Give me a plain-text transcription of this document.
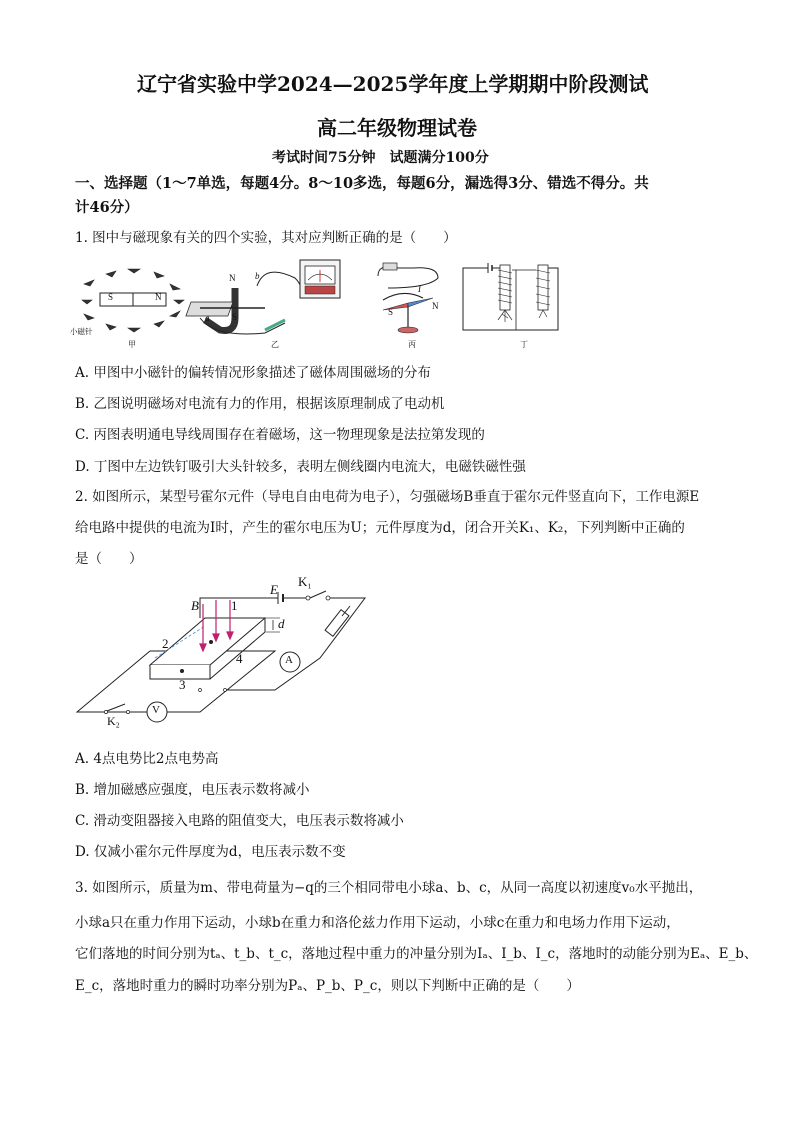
辽宁省实验中学2024—2025学年度上学期期中阶段测试
高二年级物理试卷
考试时间75分钟　试题满分100分
一、选择题（1～7单选，每题4分。8～10多选，每题6分，漏选得3分、错选不得分。共
计46分）
1. 图中与磁现象有关的四个实验，其对应判断正确的是（　　）
S	N
小磁针
甲
N
S
a
b
乙
I
S
N
丙	丁
A. 甲图中小磁针的偏转情况形象描述了磁体周围磁场的分布
B. 乙图说明磁场对电流有力的作用，根据该原理制成了电动机
C. 丙图表明通电导线周围存在着磁场，这一物理现象是法拉第发现的
D. 丁图中左边铁钉吸引大头针较多，表明左侧线圈内电流大，电磁铁磁性强
2. 如图所示，某型号霍尔元件（导电自由电荷为电子），匀强磁场B垂直于霍尔元件竖直向下，工作电源E
给电路中提供的电流为I时，产生的霍尔电压为U；元件厚度为d，闭合开关K₁、K₂，下列判断中正确的
是（　　）
B
E
K₁
d
1
2
3
4	A
V
K₂
A. 4点电势比2点电势高
B. 增加磁感应强度，电压表示数将减小
C. 滑动变阻器接入电路的阻值变大，电压表示数将减小
D. 仅减小霍尔元件厚度为d，电压表示数不变
3. 如图所示，质量为m、带电荷量为−q的三个相同带电小球a、b、c，从同一高度以初速度v₀水平抛出，
小球a只在重力作用下运动，小球b在重力和洛伦兹力作用下运动，小球c在重力和电场力作用下运动，
它们落地的时间分别为tₐ、t_b、t_c，落地过程中重力的冲量分别为Iₐ、I_b、I_c，落地时的动能分别为Eₐ、E_b、
E_c，落地时重力的瞬时功率分别为Pₐ、P_b、P_c，则以下判断中正确的是（　　）
